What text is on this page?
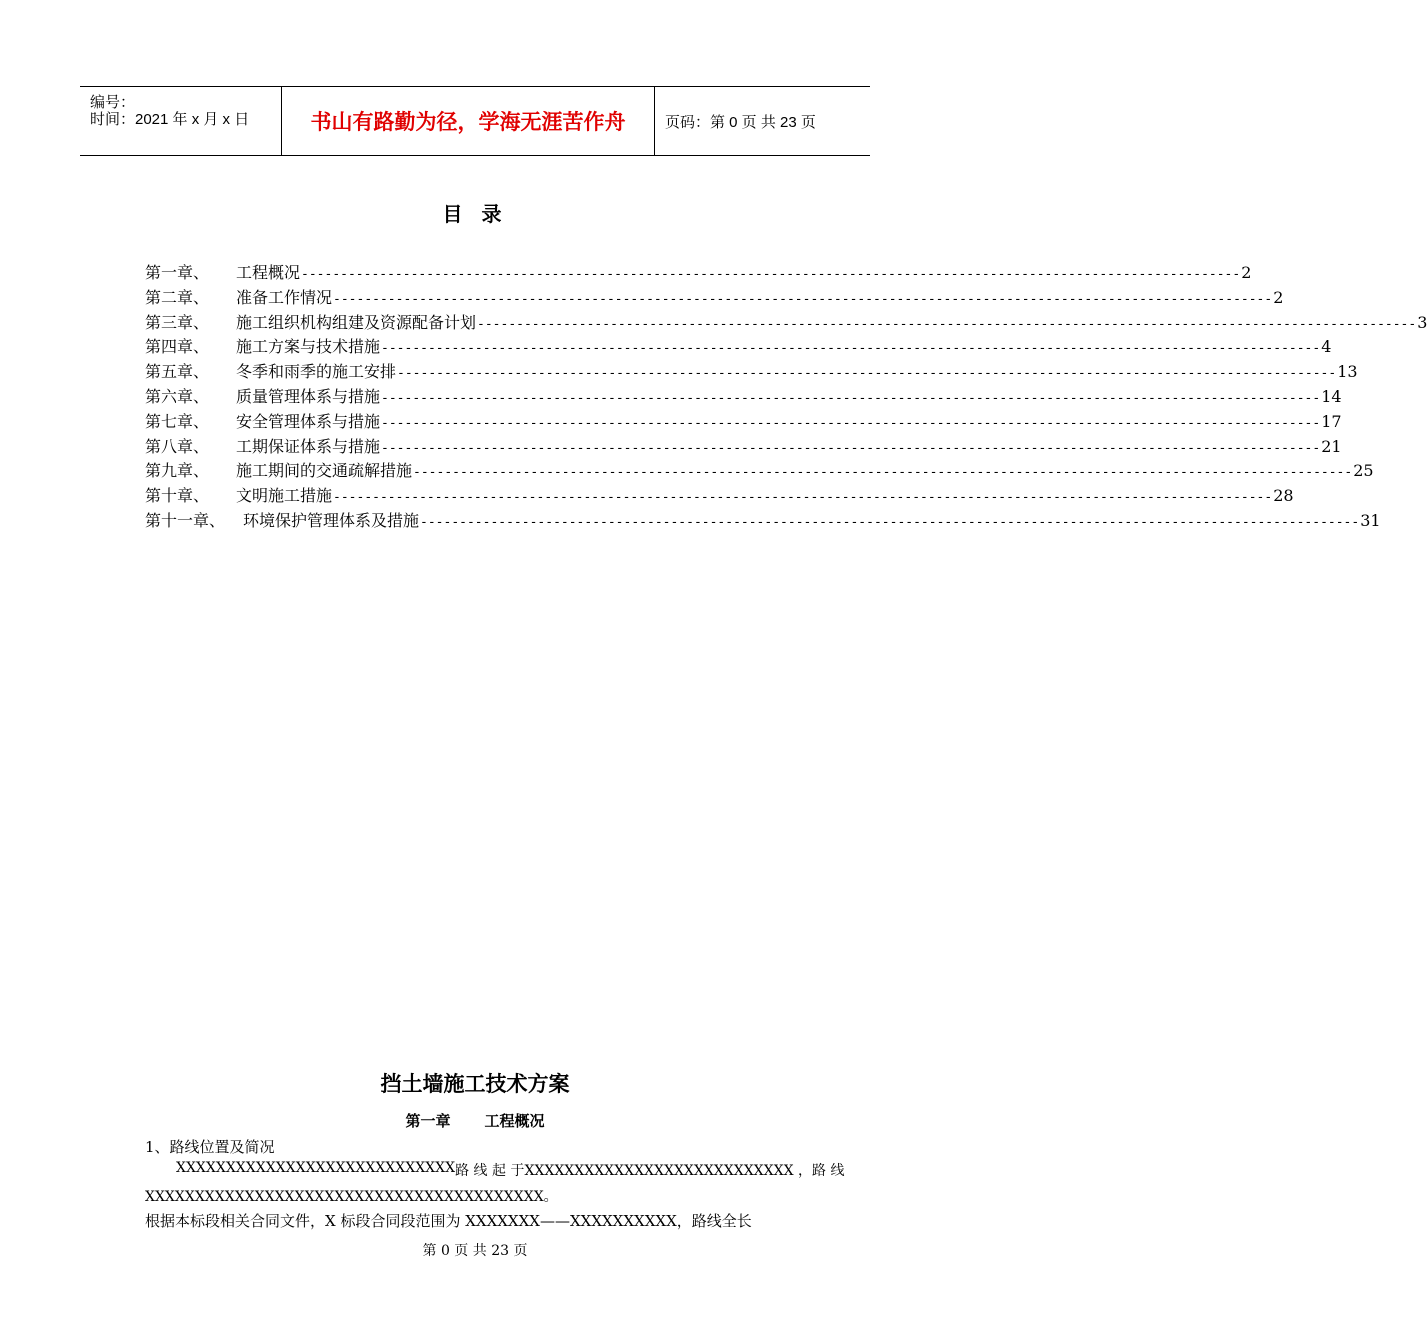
编号：
时间：2021 年 x 月 x 日	书山有路勤为径，学海无涯苦作舟	页码：第 0 页 共 23 页
目 录
第一章、	工程概况 ------------------------------------------------------------------------------------------------------------------------ 2
第二章、	准备工作情况 ------------------------------------------------------------------------------------------------------------------------ 2
第三章、	施工组织机构组建及资源配备计划 ------------------------------------------------------------------------------------------------------------------------ 3
第四章、	施工方案与技术措施 ------------------------------------------------------------------------------------------------------------------------ 4
第五章、	冬季和雨季的施工安排 ------------------------------------------------------------------------------------------------------------------------ 13
第六章、	质量管理体系与措施 ------------------------------------------------------------------------------------------------------------------------ 14
第七章、	安全管理体系与措施 ------------------------------------------------------------------------------------------------------------------------ 17
第八章、	工期保证体系与措施 ------------------------------------------------------------------------------------------------------------------------ 21
第九章、	施工期间的交通疏解措施 ------------------------------------------------------------------------------------------------------------------------ 25
第十章、	文明施工措施 ------------------------------------------------------------------------------------------------------------------------ 28
第十一章、	环境保护管理体系及措施 ------------------------------------------------------------------------------------------------------------------------ 31
挡土墙施工技术方案
第一章 工程概况
1、路线位置及简况
XXXXXXXXXXXXXXXXXXXXXXXXXXXX 路 线 起 于 XXXXXXXXXXXXXXXXXXXXXXXXXXX ， 路 线
XXXXXXXXXXXXXXXXXXXXXXXXXXXXXXXXXXXXXXXX。
根据本标段相关合同文件，X 标段合同段范围为 XXXXXXX——XXXXXXXXXX，路线全长
第 0 页 共 23 页
